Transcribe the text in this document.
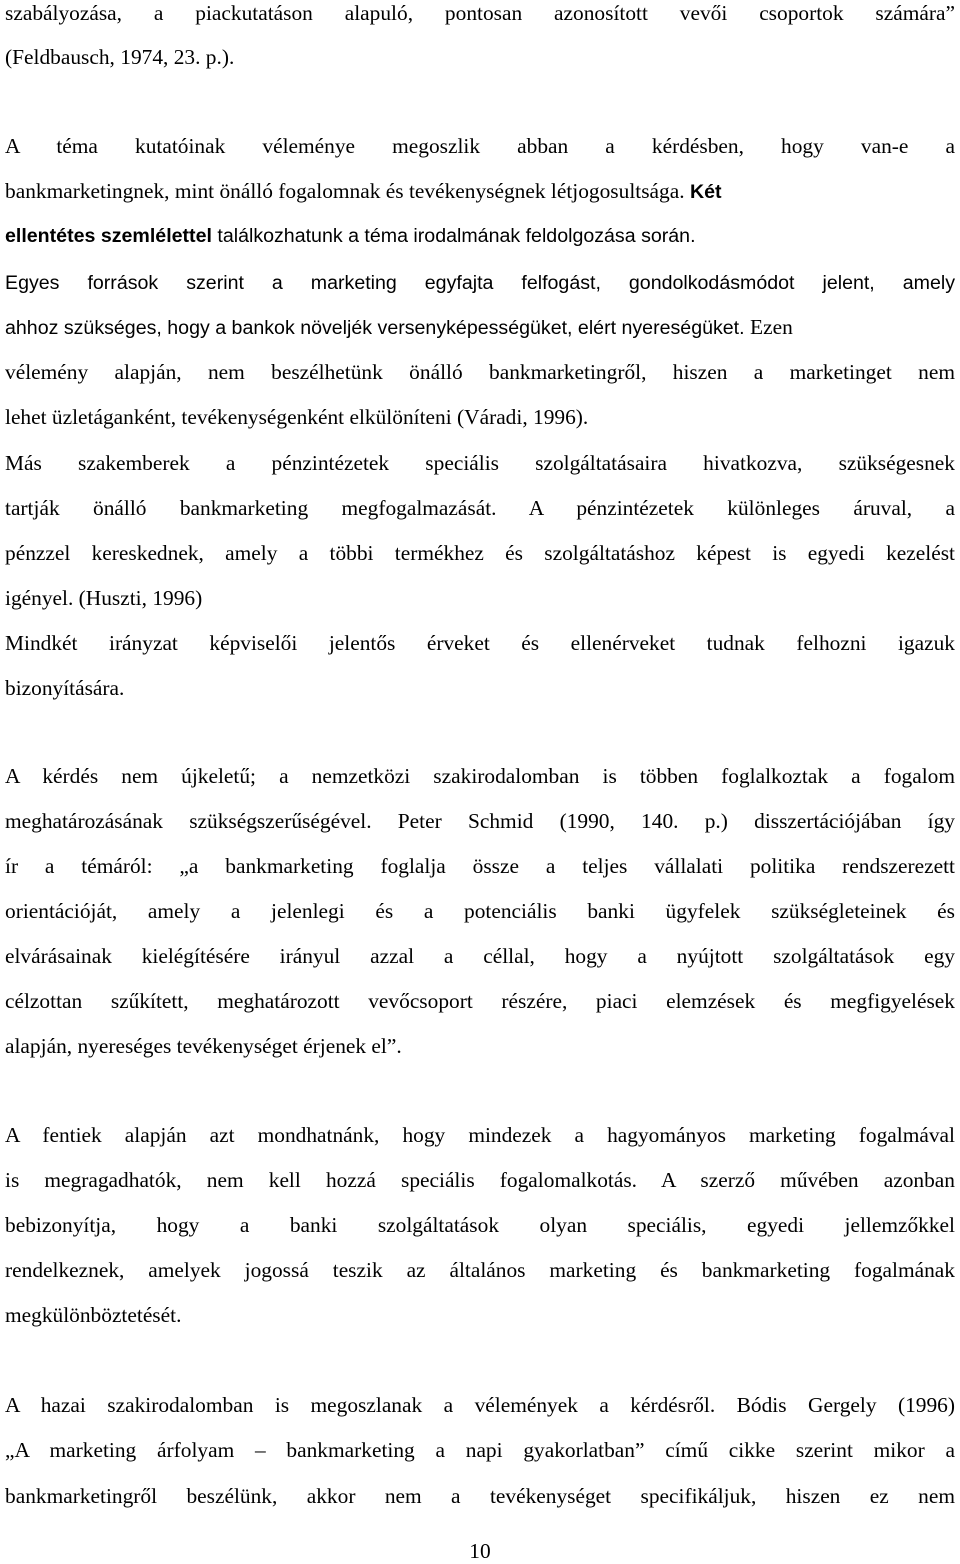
szabályozása, a piackutatáson alapuló, pontosan azonosított vevői csoportok számára”
(Feldbausch, 1974, 23. p.).
A téma kutatóinak véleménye megoszlik abban a kérdésben, hogy van-e a
bankmarketingnek, mint önálló fogalomnak és tevékenységnek létjogosultsága. Két
ellentétes szemlélettel találkozhatunk a téma irodalmának feldolgozása során.
Egyes források szerint a marketing egyfajta felfogást, gondolkodásmódot jelent, amely
ahhoz szükséges, hogy a bankok növeljék versenyképességüket, elért nyereségüket. Ezen
vélemény alapján, nem beszélhetünk önálló bankmarketingről, hiszen a marketinget nem
lehet üzletáganként, tevékenységenként elkülöníteni (Váradi, 1996).
Más szakemberek a pénzintézetek speciális szolgáltatásaira hivatkozva, szükségesnek
tartják önálló bankmarketing megfogalmazását. A pénzintézetek különleges áruval, a
pénzzel kereskednek, amely a többi termékhez és szolgáltatáshoz képest is egyedi kezelést
igényel. (Huszti, 1996)
Mindkét irányzat képviselői jelentős érveket és ellenérveket tudnak felhozni igazuk
bizonyítására.
A kérdés nem újkeletű; a nemzetközi szakirodalomban is többen foglalkoztak a fogalom
meghatározásának szükségszerűségével. Peter Schmid (1990, 140. p.) disszertációjában így
ír a témáról: „a bankmarketing foglalja össze a teljes vállalati politika rendszerezett
orientációját, amely a jelenlegi és a potenciális banki ügyfelek szükségleteinek és
elvárásainak kielégítésére irányul azzal a céllal, hogy a nyújtott szolgáltatások egy
célzottan szűkített, meghatározott vevőcsoport részére, piaci elemzések és megfigyelések
alapján, nyereséges tevékenységet érjenek el”.
A fentiek alapján azt mondhatnánk, hogy mindezek a hagyományos marketing fogalmával
is megragadhatók, nem kell hozzá speciális fogalomalkotás. A szerző művében azonban
bebizonyítja, hogy a banki szolgáltatások olyan speciális, egyedi jellemzőkkel
rendelkeznek, amelyek jogossá teszik az általános marketing és bankmarketing fogalmának
megkülönböztetését.
A hazai szakirodalomban is megoszlanak a vélemények a kérdésről. Bódis Gergely (1996)
„A marketing árfolyam – bankmarketing a napi gyakorlatban” című cikke szerint mikor a
bankmarketingről beszélünk, akkor nem a tevékenységet specifikáljuk, hiszen ez nem
10
